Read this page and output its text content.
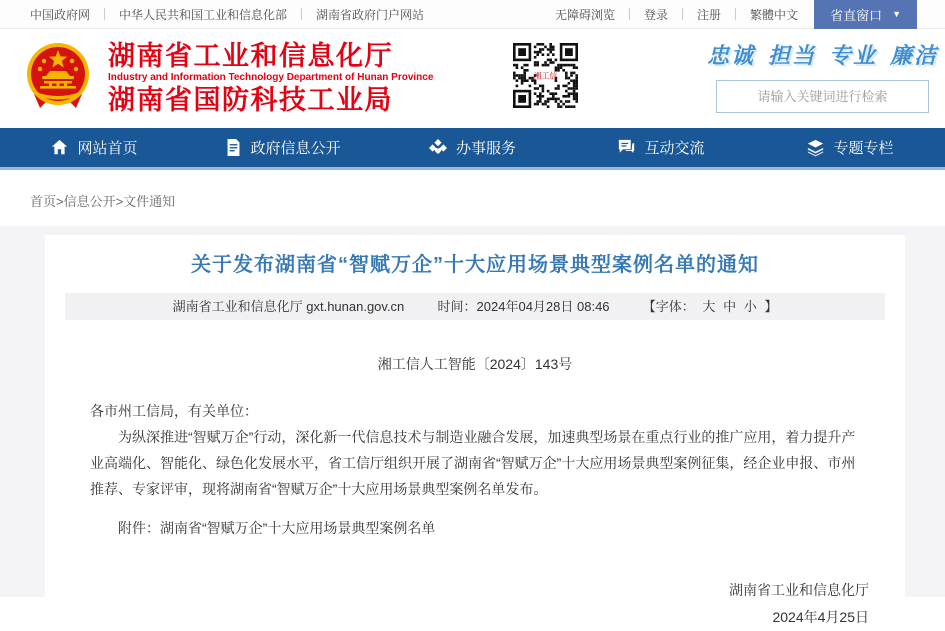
中国政府网 中华人民共和国工业和信息化部 湖南省政府门户网站	无障碍浏览 登录 注册 繁體中文 省直窗口 ▼
湖南省工业和信息化厅
Industry and Information Technology Department of Hunan Province
湖南省国防科技工业局
湘工信
忠诚 担当 专业 廉洁
请输入关键词进行检索
网站首页	政府信息公开	办事服务	互动交流	专题专栏
首页>信息公开>文件通知
关于发布湖南省“智赋万企”十大应用场景典型案例名单的通知
湖南省工业和信息化厅 gxt.hunan.gov.cn	时间：2024年04月28日 08:46	【字体： 大 中 小 】
湘工信人工智能〔2024〕143号

各市州工信局，有关单位：

为纵深推进“智赋万企”行动，深化新一代信息技术与制造业融合发展，加速典型场景在重点行业的推广应用，着力提升产业高端化、智能化、绿色化发展水平，省工信厅组织开展了湖南省“智赋万企”十大应用场景典型案例征集，经企业申报、市州推荐、专家评审，现将湖南省“智赋万企”十大应用场景典型案例名单发布。

附件：湖南省“智赋万企”十大应用场景典型案例名单

湖南省工业和信息化厅
2024年4月25日
